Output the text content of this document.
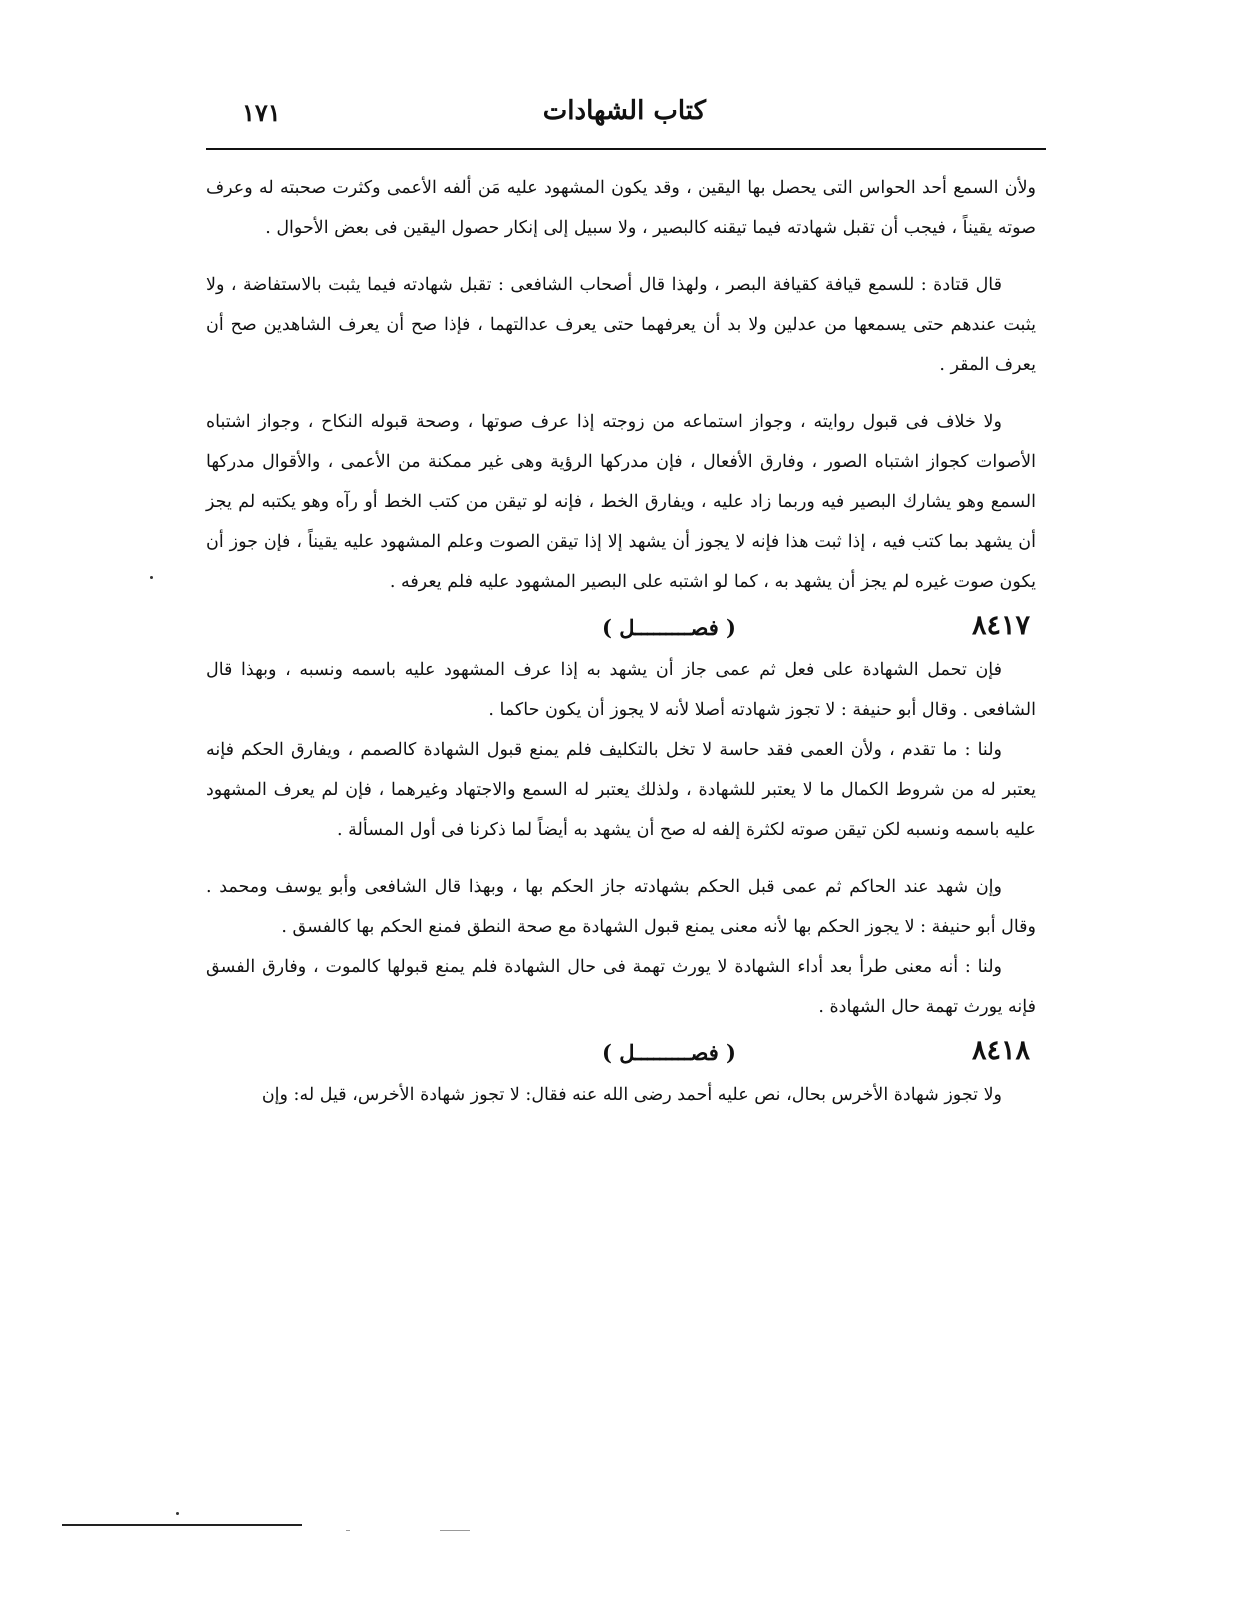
كتاب الشهادات
١٧١

ولأن السمع أحد الحواس التى يحصل بها اليقين ، وقد يكون المشهود عليه مَن ألفه الأعمى وكثرت صحبته له وعرف صوته يقيناً ، فيجب أن تقبل شهادته فيما تيقنه كالبصير ، ولا سبيل إلى إنكار حصول اليقين فى بعض الأحوال .

قال قتادة : للسمع قيافة كقيافة البصر ، ولهذا قال أصحاب الشافعى : تقبل شهادته فيما يثبت بالاستفاضة ، ولا يثبت عندهم حتى يسمعها من عدلين ولا بد أن يعرفهما حتى يعرف عدالتهما ، فإذا صح أن يعرف الشاهدين صح أن يعرف المقر .

ولا خلاف فى قبول روايته ، وجواز استماعه من زوجته إذا عرف صوتها ، وصحة قبوله النكاح ، وجواز اشتباه الأصوات كجواز اشتباه الصور ، وفارق الأفعال ، فإن مدركها الرؤية وهى غير ممكنة من الأعمى ، والأقوال مدركها السمع وهو يشارك البصير فيه وربما زاد عليه ، ويفارق الخط ، فإنه لو تيقن من كتب الخط أو رآه وهو يكتبه لم يجز أن يشهد بما كتب فيه ، إذا ثبت هذا فإنه لا يجوز أن يشهد إلا إذا تيقن الصوت وعلم المشهود عليه يقيناً ، فإن جوز أن يكون صوت غيره لم يجز أن يشهد به ، كما لو اشتبه على البصير المشهود عليه فلم يعرفه .

٨٤١٧
( فصـــــــــل )

فإن تحمل الشهادة على فعل ثم عمى جاز أن يشهد به إذا عرف المشهود عليه باسمه ونسبه ، وبهذا قال الشافعى . وقال أبو حنيفة : لا تجوز شهادته أصلا لأنه لا يجوز أن يكون حاكما .

ولنا : ما تقدم ، ولأن العمى فقد حاسة لا تخل بالتكليف فلم يمنع قبول الشهادة كالصمم ، ويفارق الحكم فإنه يعتبر له من شروط الكمال ما لا يعتبر للشهادة ، ولذلك يعتبر له السمع والاجتهاد وغيرهما ، فإن لم يعرف المشهود عليه باسمه ونسبه لكن تيقن صوته لكثرة إلفه له صح أن يشهد به أيضاً لما ذكرنا فى أول المسألة .

وإن شهد عند الحاكم ثم عمى قبل الحكم بشهادته جاز الحكم بها ، وبهذا قال الشافعى وأبو يوسف ومحمد . وقال أبو حنيفة : لا يجوز الحكم بها لأنه معنى يمنع قبول الشهادة مع صحة النطق فمنع الحكم بها كالفسق .

ولنا : أنه معنى طرأ بعد أداء الشهادة لا يورث تهمة فى حال الشهادة فلم يمنع قبولها كالموت ، وفارق الفسق فإنه يورث تهمة حال الشهادة .

٨٤١٨
( فصـــــــــل )

ولا تجوز شهادة الأخرس بحال، نص عليه أحمد رضى الله عنه فقال: لا تجوز شهادة الأخرس، قيل له: وإن
